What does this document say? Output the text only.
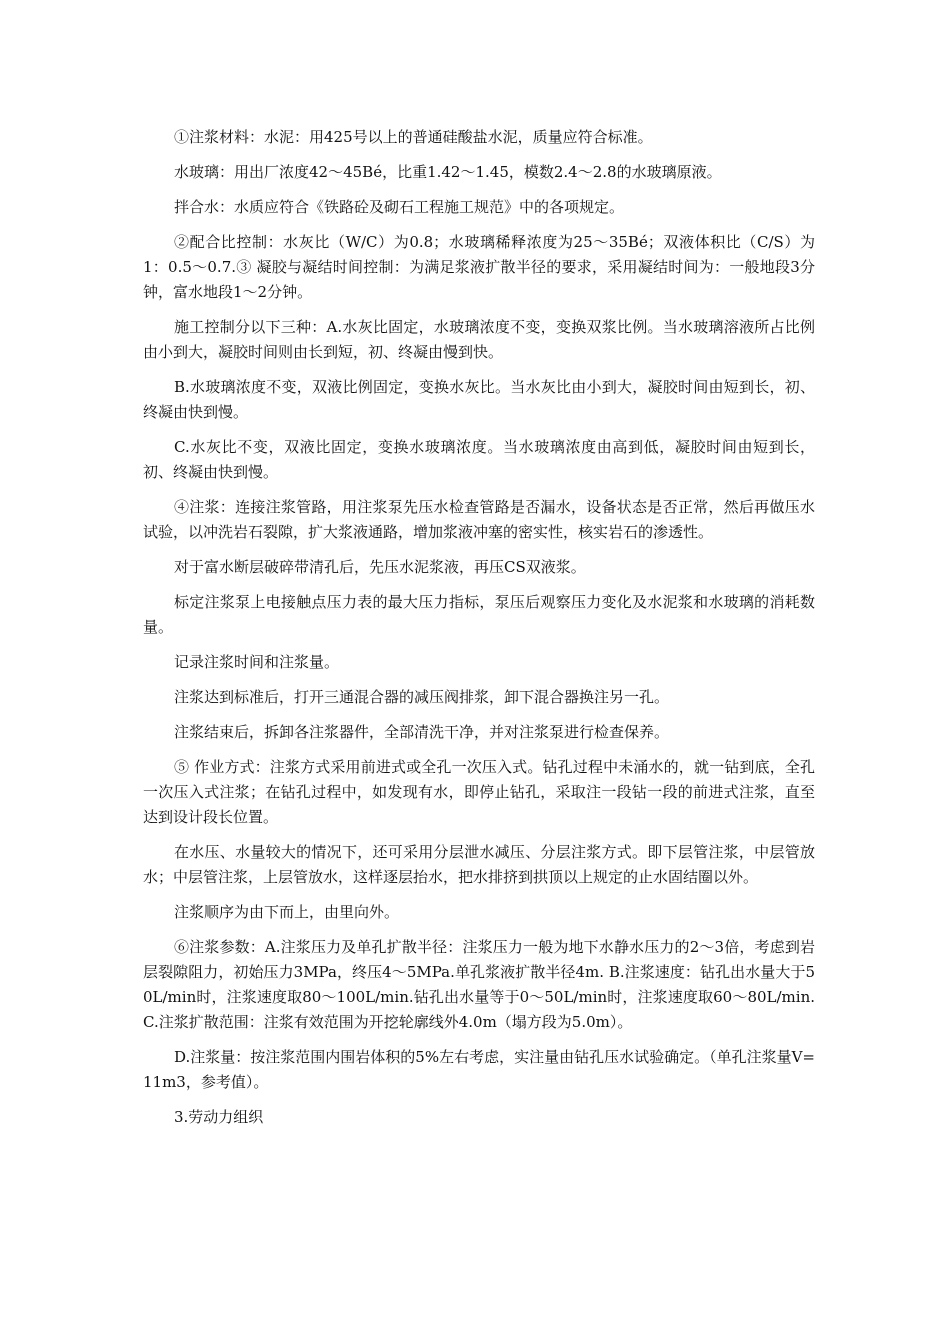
①注浆材料：水泥：用425号以上的普通硅酸盐水泥，质量应符合标准。

水玻璃：用出厂浓度42～45Bé，比重1.42～1.45，模数2.4～2.8的水玻璃原液。

拌合水：水质应符合《铁路砼及砌石工程施工规范》中的各项规定。

②配合比控制：水灰比（W/C）为0.8；水玻璃稀释浓度为25～35Bé；双液体积比（C/S）为1：0.5～0.7.③ 凝胶与凝结时间控制：为满足浆液扩散半径的要求，采用凝结时间为：一般地段3分钟，富水地段1～2分钟。

施工控制分以下三种：A.水灰比固定，水玻璃浓度不变，变换双浆比例。当水玻璃溶液所占比例由小到大，凝胶时间则由长到短，初、终凝由慢到快。

B.水玻璃浓度不变，双液比例固定，变换水灰比。当水灰比由小到大，凝胶时间由短到长，初、终凝由快到慢。

C.水灰比不变，双液比固定，变换水玻璃浓度。当水玻璃浓度由高到低，凝胶时间由短到长，初、终凝由快到慢。

④注浆：连接注浆管路，用注浆泵先压水检查管路是否漏水，设备状态是否正常，然后再做压水试验，以冲洗岩石裂隙，扩大浆液通路，增加浆液冲塞的密实性，核实岩石的渗透性。

对于富水断层破碎带清孔后，先压水泥浆液，再压CS双液浆。

标定注浆泵上电接触点压力表的最大压力指标，泵压后观察压力变化及水泥浆和水玻璃的消耗数量。

记录注浆时间和注浆量。

注浆达到标准后，打开三通混合器的减压阀排浆，卸下混合器换注另一孔。

注浆结束后，拆卸各注浆器件，全部清洗干净，并对注浆泵进行检查保养。

⑤ 作业方式：注浆方式采用前进式或全孔一次压入式。钻孔过程中未涌水的，就一钻到底，全孔一次压入式注浆；在钻孔过程中，如发现有水，即停止钻孔，采取注一段钻一段的前进式注浆，直至达到设计段长位置。

在水压、水量较大的情况下，还可采用分层泄水减压、分层注浆方式。即下层管注浆，中层管放水；中层管注浆，上层管放水，这样逐层抬水，把水排挤到拱顶以上规定的止水固结圈以外。

注浆顺序为由下而上，由里向外。

⑥注浆参数：A.注浆压力及单孔扩散半径：注浆压力一般为地下水静水压力的2～3倍，考虑到岩层裂隙阻力，初始压力3MPa，终压4～5MPa.单孔浆液扩散半径4m. B.注浆速度：钻孔出水量大于50L/min时，注浆速度取80～100L/min.钻孔出水量等于0～50L/min时，注浆速度取60～80L/min. C.注浆扩散范围：注浆有效范围为开挖轮廓线外4.0m（塌方段为5.0m）。

D.注浆量：按注浆范围内围岩体积的5%左右考虑，实注量由钻孔压水试验确定。（单孔注浆量V=11m3，参考值）。

3.劳动力组织
